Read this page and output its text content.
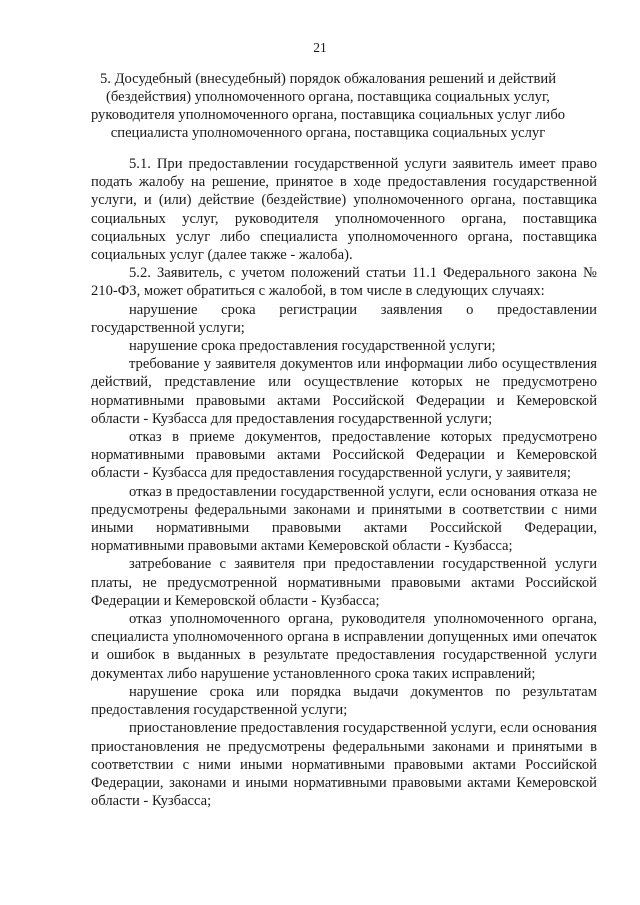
21
5. Досудебный (внесудебный) порядок обжалования решений и действий
(бездействия) уполномоченного органа, поставщика социальных услуг,
руководителя уполномоченного органа, поставщика социальных услуг либо
специалиста уполномоченного органа, поставщика социальных услуг

5.1. При предоставлении государственной услуги заявитель имеет право подать жалобу на решение, принятое в ходе предоставления государственной услуги, и (или) действие (бездействие) уполномоченного органа, поставщика социальных услуг, руководителя уполномоченного органа, поставщика социальных услуг либо специалиста уполномоченного органа, поставщика социальных услуг (далее также - жалоба).

5.2. Заявитель, с учетом положений статьи 11.1 Федерального закона № 210-ФЗ, может обратиться с жалобой, в том числе в следующих случаях:

нарушение срока регистрации заявления о предоставлении государственной услуги;

нарушение срока предоставления государственной услуги;

требование у заявителя документов или информации либо осуществления действий, представление или осуществление которых не предусмотрено нормативными правовыми актами Российской Федерации и Кемеровской области - Кузбасса для предоставления государственной услуги;

отказ в приеме документов, предоставление которых предусмотрено нормативными правовыми актами Российской Федерации и Кемеровской области - Кузбасса для предоставления государственной услуги, у заявителя;

отказ в предоставлении государственной услуги, если основания отказа не предусмотрены федеральными законами и принятыми в соответствии с ними иными нормативными правовыми актами Российской Федерации, нормативными правовыми актами Кемеровской области - Кузбасса;

затребование с заявителя при предоставлении государственной услуги платы, не предусмотренной нормативными правовыми актами Российской Федерации и Кемеровской области - Кузбасса;

отказ уполномоченного органа, руководителя уполномоченного органа, специалиста уполномоченного органа в исправлении допущенных ими опечаток и ошибок в выданных в результате предоставления государственной услуги документах либо нарушение установленного срока таких исправлений;

нарушение срока или порядка выдачи документов по результатам предоставления государственной услуги;

приостановление предоставления государственной услуги, если основания приостановления не предусмотрены федеральными законами и принятыми в соответствии с ними иными нормативными правовыми актами Российской Федерации, законами и иными нормативными правовыми актами Кемеровской области - Кузбасса;
